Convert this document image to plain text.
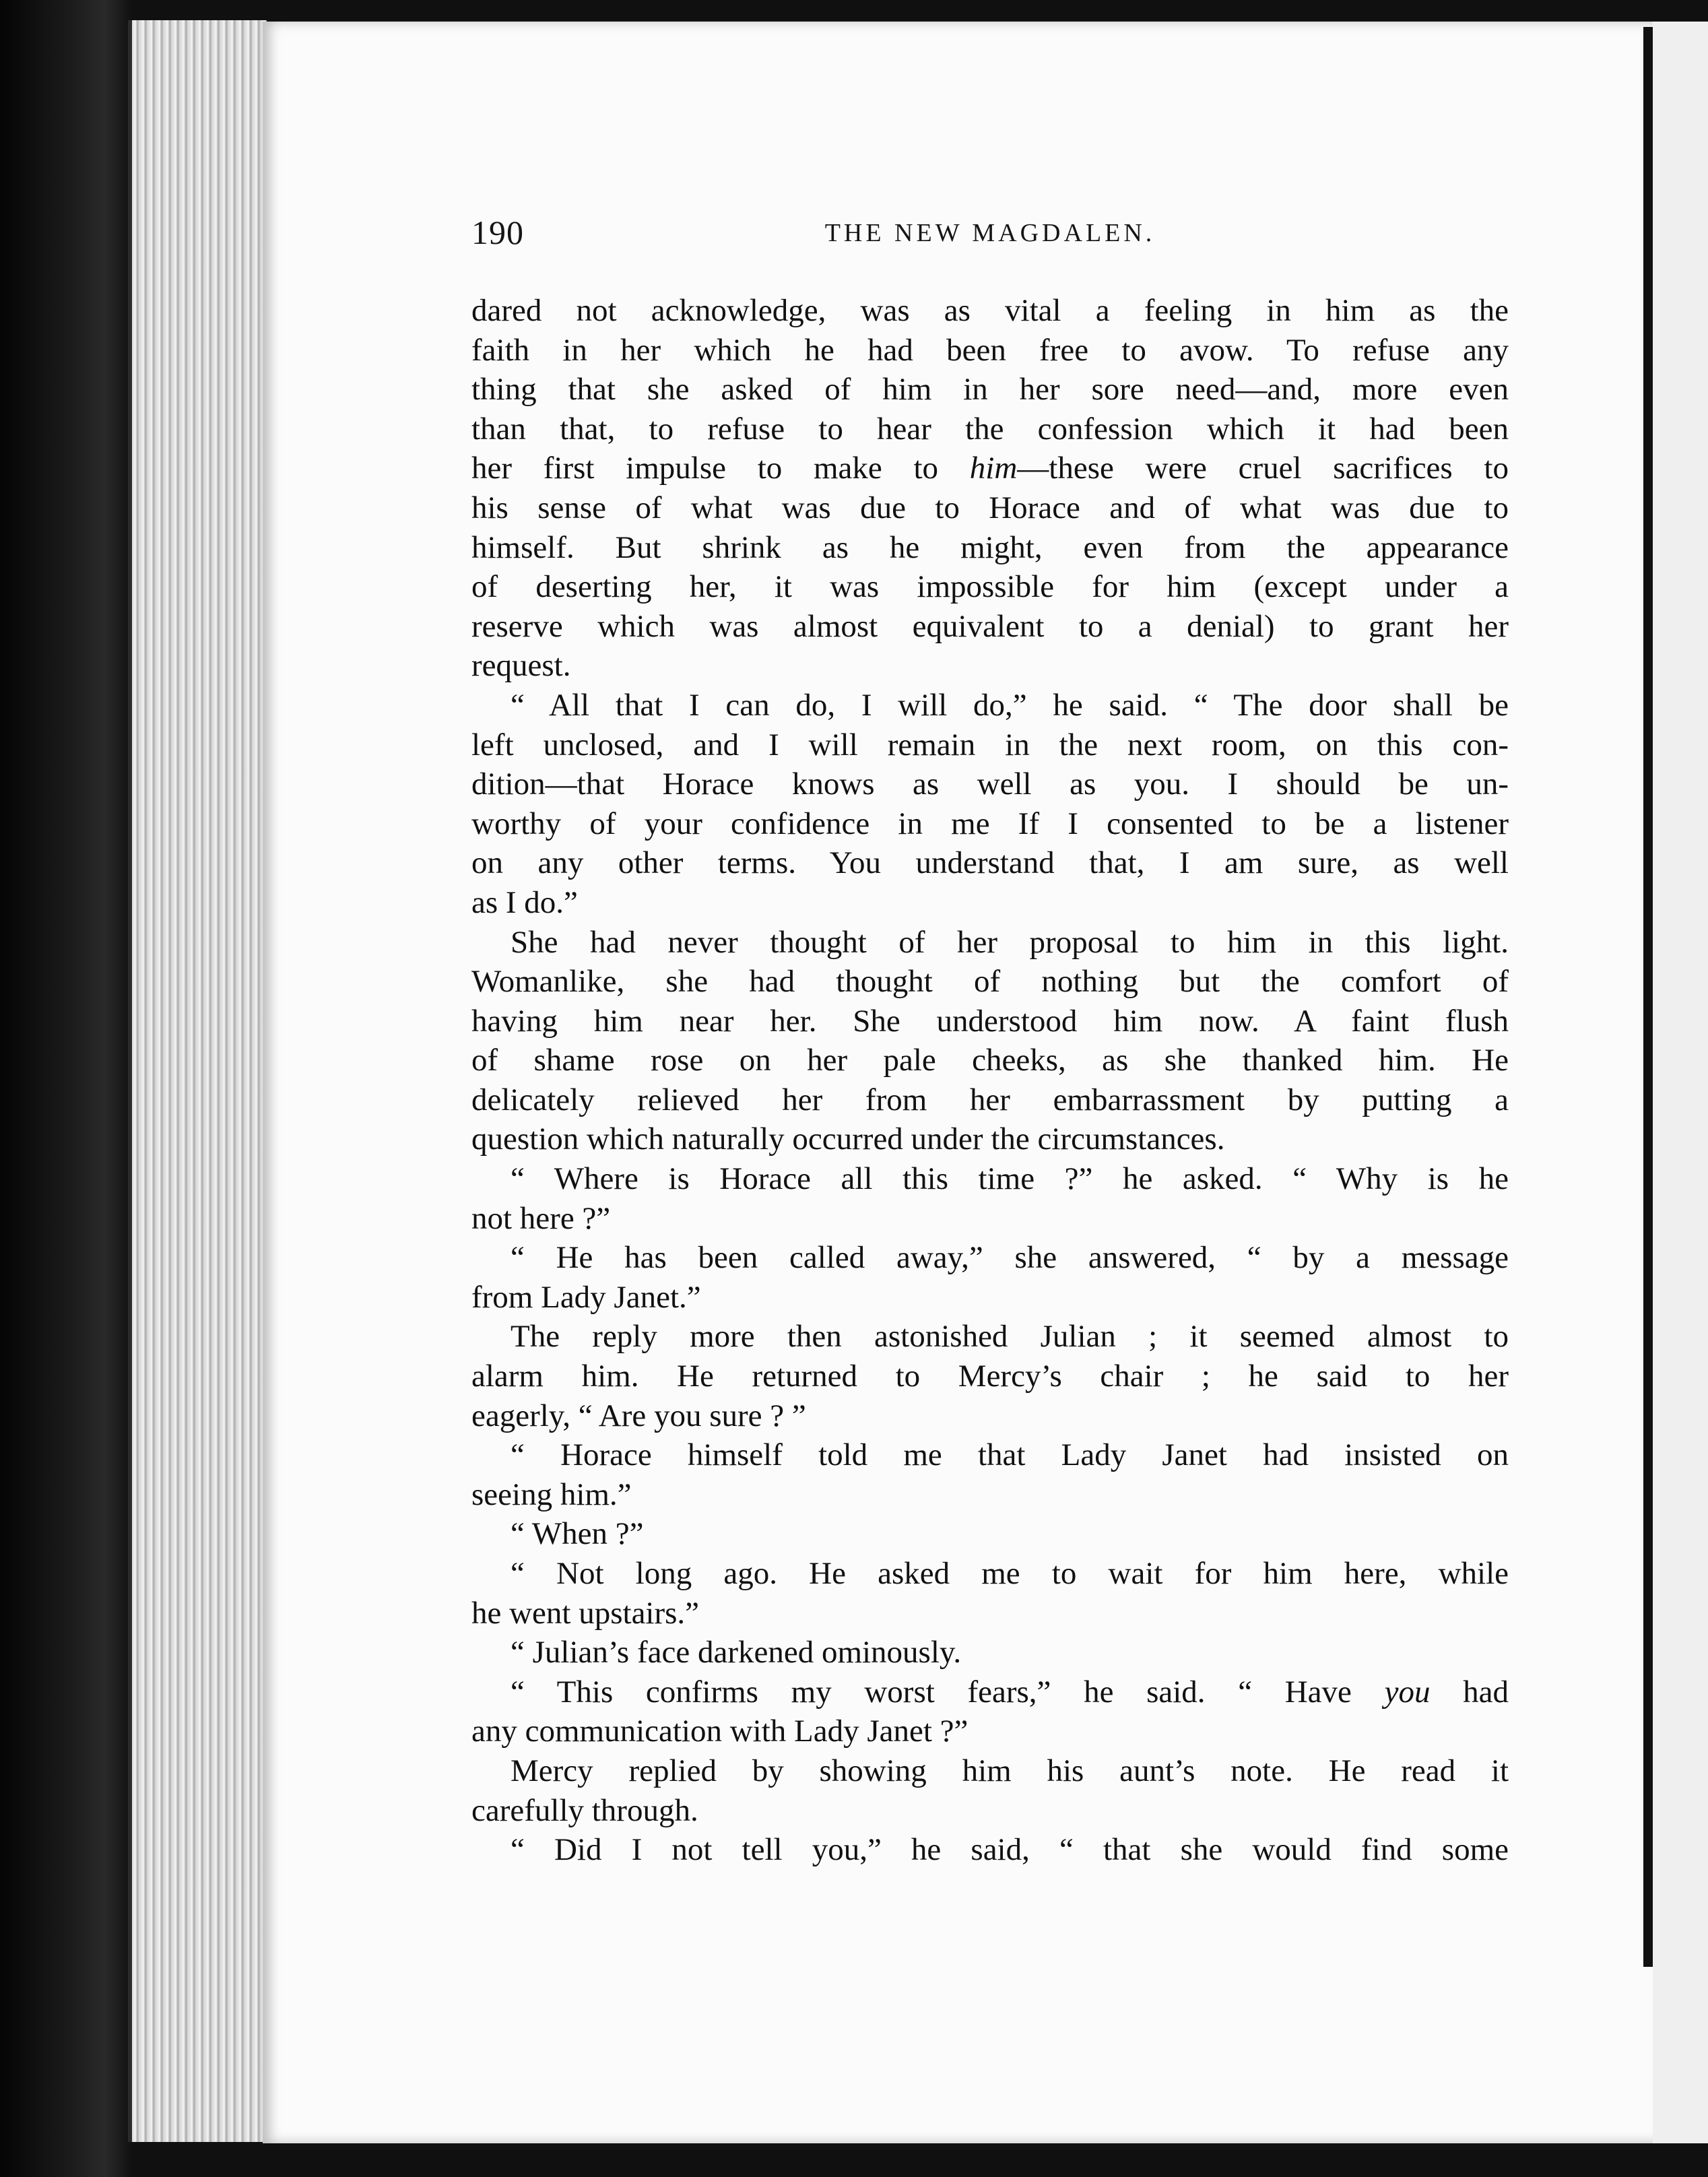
190	THE NEW MAGDALEN.
dared not acknowledge, was as vital a feeling in him as the
faith in her which he had been free to avow. To refuse any
thing that she asked of him in her sore need—and, more even
than that, to refuse to hear the confession which it had been
her first impulse to make to him—these were cruel sacrifices to
his sense of what was due to Horace and of what was due to
himself. But shrink as he might, even from the appearance
of deserting her, it was impossible for him (except under a
reserve which was almost equivalent to a denial) to grant her
request.
“ All that I can do, I will do,” he said. “ The door shall be
left unclosed, and I will remain in the next room, on this con-
dition—that Horace knows as well as you. I should be un-
worthy of your confidence in me If I consented to be a listener
on any other terms. You understand that, I am sure, as well
as I do.”
She had never thought of her proposal to him in this light.
Womanlike, she had thought of nothing but the comfort of
having him near her. She understood him now. A faint flush
of shame rose on her pale cheeks, as she thanked him. He
delicately relieved her from her embarrassment by putting a
question which naturally occurred under the circumstances.
“ Where is Horace all this time ?” he asked. “ Why is he
not here ?”
“ He has been called away,” she answered, “ by a message
from Lady Janet.”
The reply more then astonished Julian ; it seemed almost to
alarm him. He returned to Mercy’s chair ; he said to her
eagerly, “ Are you sure ? ”
“ Horace himself told me that Lady Janet had insisted on
seeing him.”
“ When ?”
“ Not long ago. He asked me to wait for him here, while
he went upstairs.”
“ Julian’s face darkened ominously.
“ This confirms my worst fears,” he said. “ Have you had
any communication with Lady Janet ?”
Mercy replied by showing him his aunt’s note. He read it
carefully through.
“ Did I not tell you,” he said, “ that she would find some
